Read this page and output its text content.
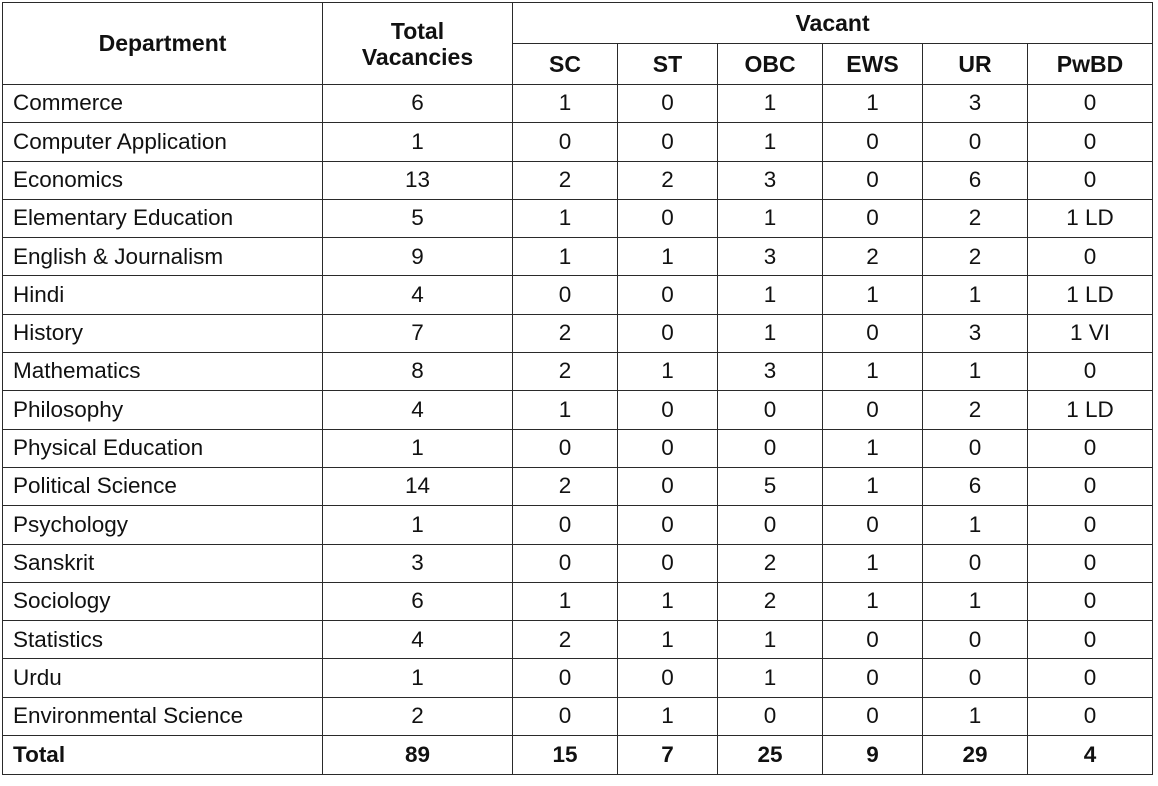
Department	Total Vacancies	Vacant					
		SC	ST	OBC	EWS	UR	PwBD
Commerce	6	1	0	1	1	3	0
Computer Application	1	0	0	1	0	0	0
Economics	13	2	2	3	0	6	0
Elementary Education	5	1	0	1	0	2	1 LD
English & Journalism	9	1	1	3	2	2	0
Hindi	4	0	0	1	1	1	1 LD
History	7	2	0	1	0	3	1 VI
Mathematics	8	2	1	3	1	1	0
Philosophy	4	1	0	0	0	2	1 LD
Physical Education	1	0	0	0	1	0	0
Political Science	14	2	0	5	1	6	0
Psychology	1	0	0	0	0	1	0
Sanskrit	3	0	0	2	1	0	0
Sociology	6	1	1	2	1	1	0
Statistics	4	2	1	1	0	0	0
Urdu	1	0	0	1	0	0	0
Environmental Science	2	0	1	0	0	1	0
Total	89	15	7	25	9	29	4
